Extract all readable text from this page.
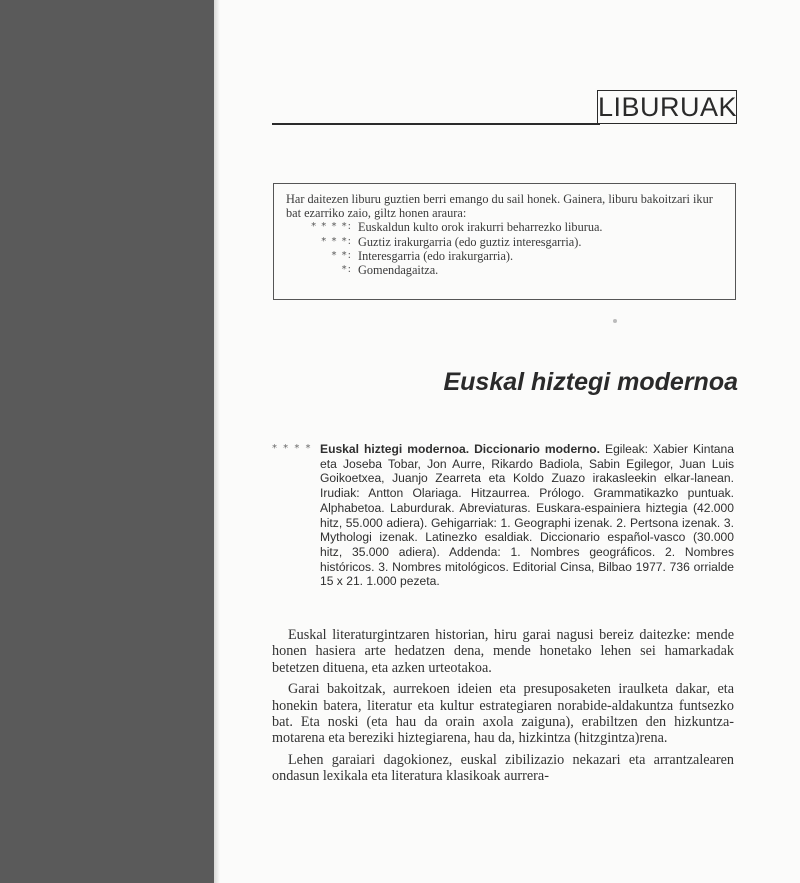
LIBURUAK

Har daitezen liburu guztien berri emango du sail honek. Gainera, liburu bakoitzari ikur bat ezarriko zaio, giltz honen araura:

* * * *: Euskaldun kulto orok irakurri beharrezko liburua.
* * *: Guztiz irakurgarria (edo guztiz interesgarria).
* *: Interesgarria (edo irakurgarria).
*: Gomendagaitza.
Euskal hiztegi modernoa
* * * * Euskal hiztegi modernoa. Diccionario moderno. Egileak: Xabier Kintana eta Joseba Tobar, Jon Aurre, Rikardo Badiola, Sabin Egilegor, Juan Luis Goikoetxea, Juanjo Zearreta eta Koldo Zuazo irakasleekin elkar-lanean. Irudiak: Antton Olariaga. Hitzaurrea. Prólogo. Grammatikazko puntuak. Alphabetoa. Laburdurak. Abreviaturas. Euskara-espainiera hiztegia (42.000 hitz, 55.000 adiera). Gehigarriak: 1. Geographi izenak. 2. Pertsona izenak. 3. Mythologi izenak. Latinezko esaldiak. Diccionario español-vasco (30.000 hitz, 35.000 adiera). Addenda: 1. Nombres geográficos. 2. Nombres históricos. 3. Nombres mitológicos. Editorial Cinsa, Bilbao 1977. 736 orrialde 15 x 21. 1.000 pezeta.

Euskal literaturgintzaren historian, hiru garai nagusi bereiz daitezke: mende honen hasiera arte hedatzen dena, mende honetako lehen sei hamarkadak betetzen dituena, eta azken urteotakoa.

Garai bakoitzak, aurrekoen ideien eta presuposaketen iraulketa dakar, eta honekin batera, literatur eta kultur estrategiaren norabide-aldakuntza funtsezko bat. Eta noski (eta hau da orain axola zaiguna), erabiltzen den hizkuntza-motarena eta bereziki hiztegiarena, hau da, hizkintza (hitzgintza)rena.

Lehen garaiari dagokionez, euskal zibilizazio nekazari eta arrantzalearen ondasun lexikala eta literatura klasikoak aurrera-
